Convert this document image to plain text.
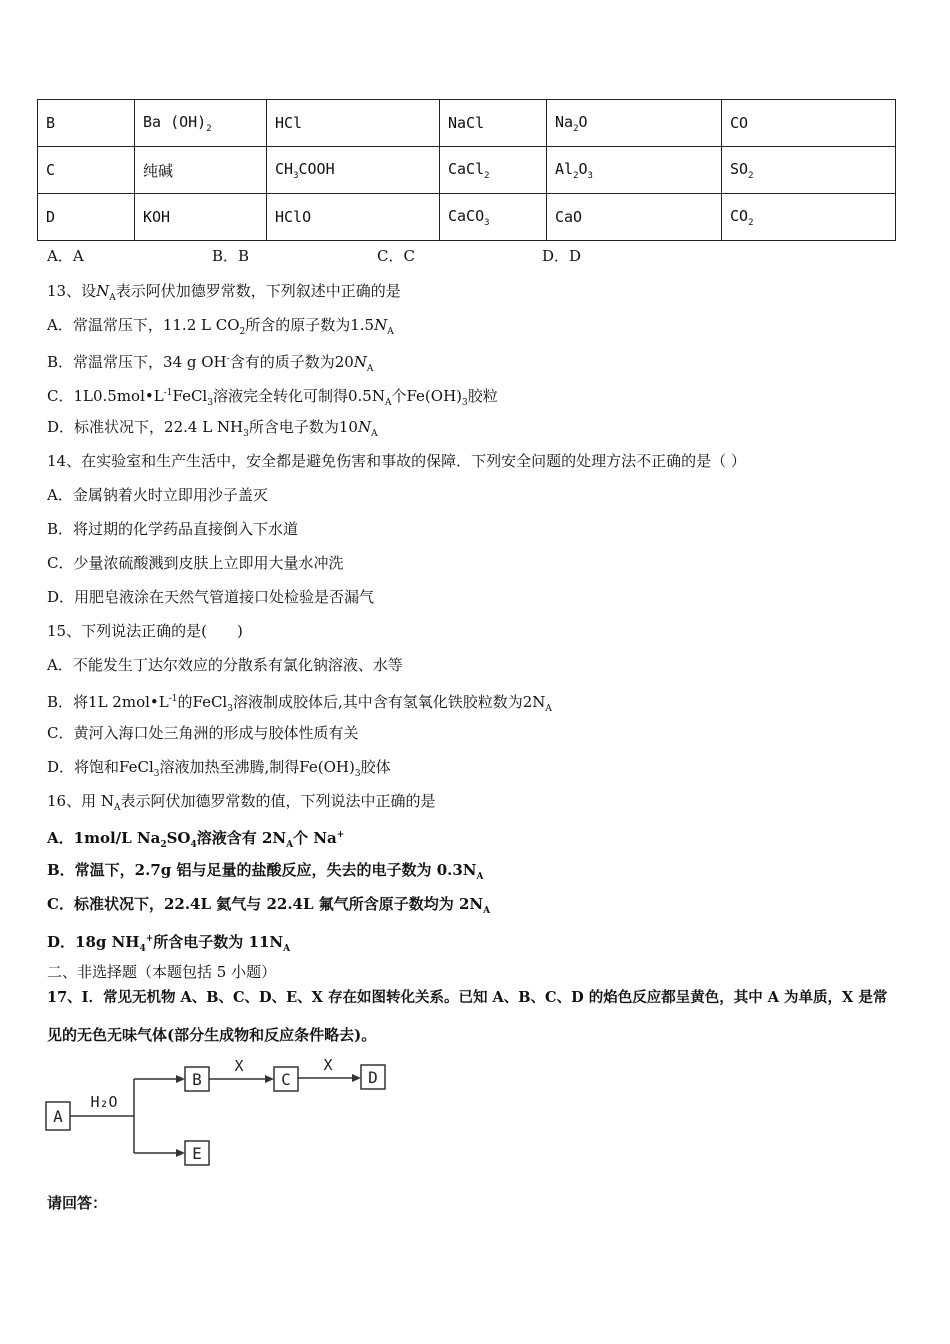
B	Ba $(OH)_2$	HCl	NaCl	$Na_2O$	CO
C	纯碱	$CH_3COOH$	CaCl$_2$	$Al_2O_3$	$SO_2$
D	KOH	HClO	CaCO$_3$	CaO	$CO_2$
A．A	B．B	C．C	D．D
13、设$N_A$表示阿伏加德罗常数，下列叙述中正确的是
A．常温常压下，11.2 L $CO_2$所含的原子数为$1.5N_A$
B．常温常压下，34 g OH-含有的质子数为$20N_A$
C．$1L0.5mol•L^{-1}FeCl_3$溶液完全转化可制得$0.5N_A$个$Fe(OH)_3$胶粒
D．标准状况下，22.4 L $NH_3$所含电子数为$10N_A$
14、在实验室和生产生活中，安全都是避免伤害和事故的保障．下列安全问题的处理方法不正确的是（ ）
A．金属钠着火时立即用沙子盖灭
B．将过期的化学药品直接倒入下水道
C．少量浓硫酸溅到皮肤上立即用大量水冲洗
D．用肥皂液涂在天然气管道接口处检验是否漏气
15、下列说法正确的是(　　)
A．不能发生丁达尔效应的分散系有氯化钠溶液、水等
B．将1L $2mol•L^{-1}$的FeCl$_3$溶液制成胶体后,其中含有氢氧化铁胶粒数为$2N_A$
C．黄河入海口处三角洲的形成与胶体性质有关
D．将饱和FeCl$_3$溶液加热至沸腾,制得$Fe(OH)_3$胶体
16、用 $N_A$表示阿伏加德罗常数的值，下列说法中正确的是
A．1mol/L $Na_2SO_4$溶液含有 $2N_A$个 Na+
B．常温下，2.7g 铝与足量的盐酸反应，失去的电子数为 $0.3N_A$
C．标准状况下，22.4L 氦气与 22.4L 氟气所含原子数均为 $2N_A$
D．18g $NH_4^+$所含电子数为 $11N_A$
二、非选择题（本题包括 5 小题）
17、I．常见无机物 A、B、C、D、E、X 存在如图转化关系。已知 A、B、C、D 的焰色反应都呈黄色，其中 A 为单质，X 是常
见的无色无味气体(部分生成物和反应条件略去)。
A
B	C	D
E
H₂O
X	X
请回答：
